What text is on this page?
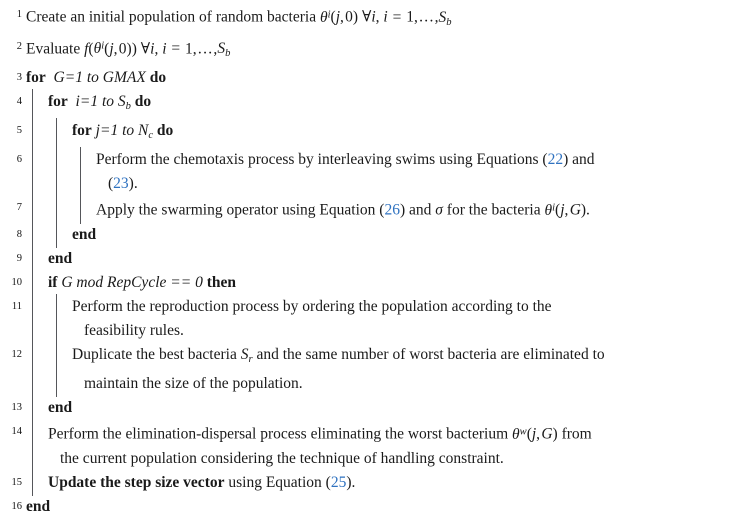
1 Create an initial population of random bacteria $\theta^i(j$, 0) ∀i, i = 1, . . . $,S_b$
2 Evaluate $f(\theta^i(j$, 0)) ∀i, i = 1, . . . $,S_b$
3 for G=1 to GMAX do
4 for i=1 to $S_b$ do
5	for j=1 to $N_c$ do
6	Perform the chemotaxis process by interleaving swims using Equations (22) and
(23).
7	Apply the swarming operator using Equation (26) and σ for the bacteria $\theta^i(j$, G).
8	end
9 end
10 if G mod RepCycle == 0 then
11	Perform the reproduction process by ordering the population according to the
feasibility rules.
12	Duplicate the best bacteria $S_r$ and the same number of worst bacteria are eliminated to
maintain the size of the population.
13 end
14 Perform the elimination-dispersal process eliminating the worst bacterium $\theta^w(j$, G) from
the current population considering the technique of handling constraint.
15 Update the step size vector using Equation (25).
16 end
